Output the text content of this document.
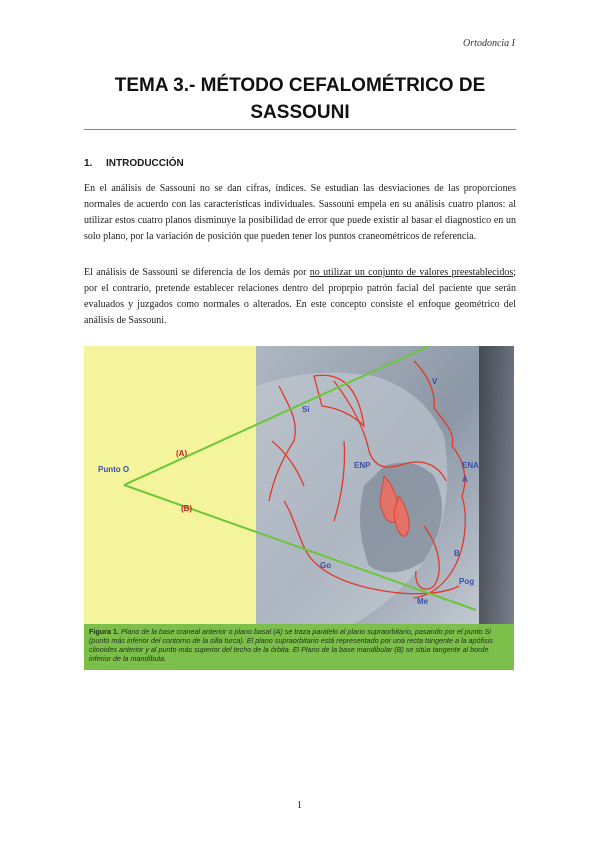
Ortodoncia I
TEMA 3.- MÉTODO CEFALOMÉTRICO DE
SASSOUNI
1. INTRODUCCIÓN
En el análisis de Sassouni no se dan cifras, índices. Se estudian las desviaciones de las proporciones normales de acuerdo con las características individuales. Sassouni empela en su análisis cuatro planos: al utilizar estos cuatro planos disminuye la posibilidad de error que puede existir al basar el diagnostico en un solo plano, por la variación de posición que pueden tener los puntos craneométricos de referencia.
El análisis de Sassouni se diferencia de los demás por no utilizar un conjunto de valores preestablecidos; por el contrario, pretende establecer relaciones dentro del proprpio patrón facial del paciente que serán evaluados y juzgados como normales o alterados. En este concepto consiste el enfoque geométrico del análisis de Sassouni.
Punto O
(A)
(B)
Si
V
ENP	ENA
A
B
Go
Pog
Me
Figura 1. Plano de la base craneal anterior o plano basal (A) se traza paralelo al plano supraorbitario, pasando por el punto Si (punto más inferior del contorno de la silla turca). El plano supraorbitario está representado por una recta tangente a la apófisis clinoides anterior y al punto más superior del techo de la órbita. El Plano de la base mandibular (B) se sitúa tangente al borde inferior de la mandíbula.
1
